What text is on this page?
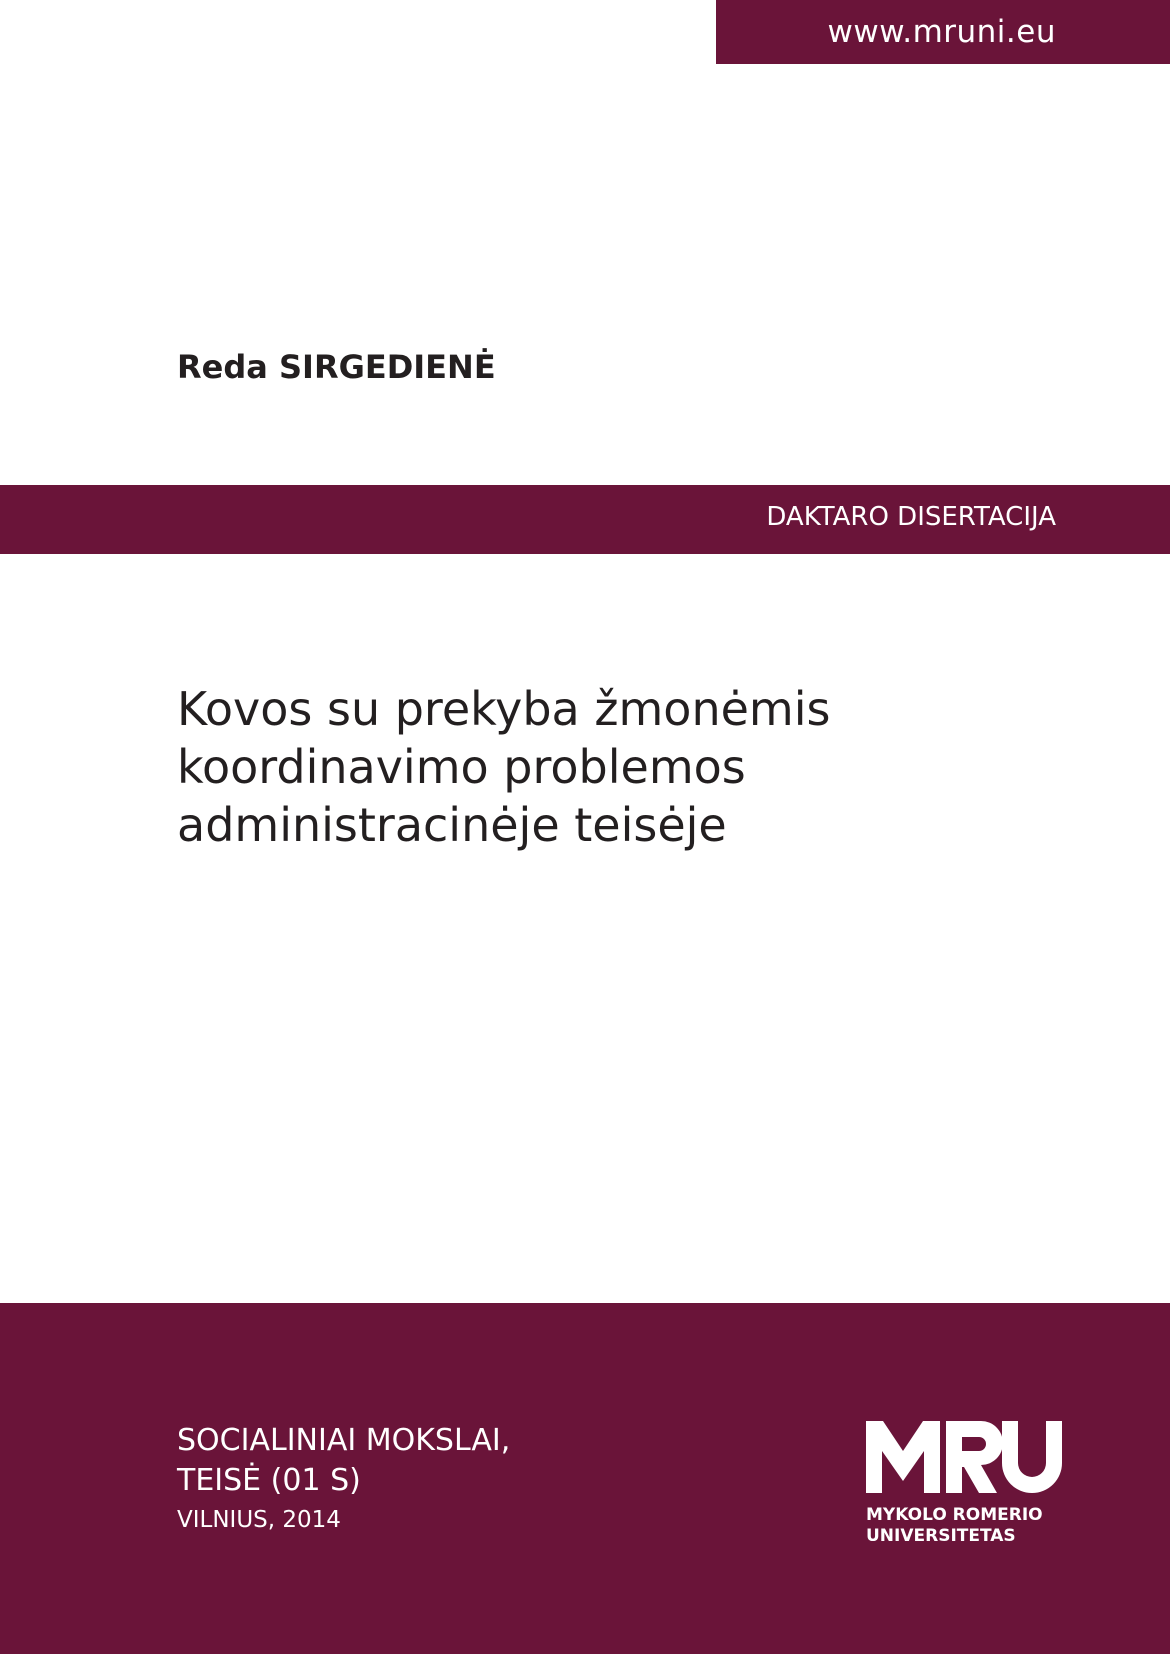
www.mruni.eu
Reda SIRGEDIENĖ
DAKTARO DISERTACIJA
Kovos su prekyba žmonėmis
koordinavimo problemos
administracinėje teisėje
SOCIALINIAI MOKSLAI,
TEISĖ (01 S)
VILNIUS, 2014	MYKOLO ROMERIO
UNIVERSITETAS
